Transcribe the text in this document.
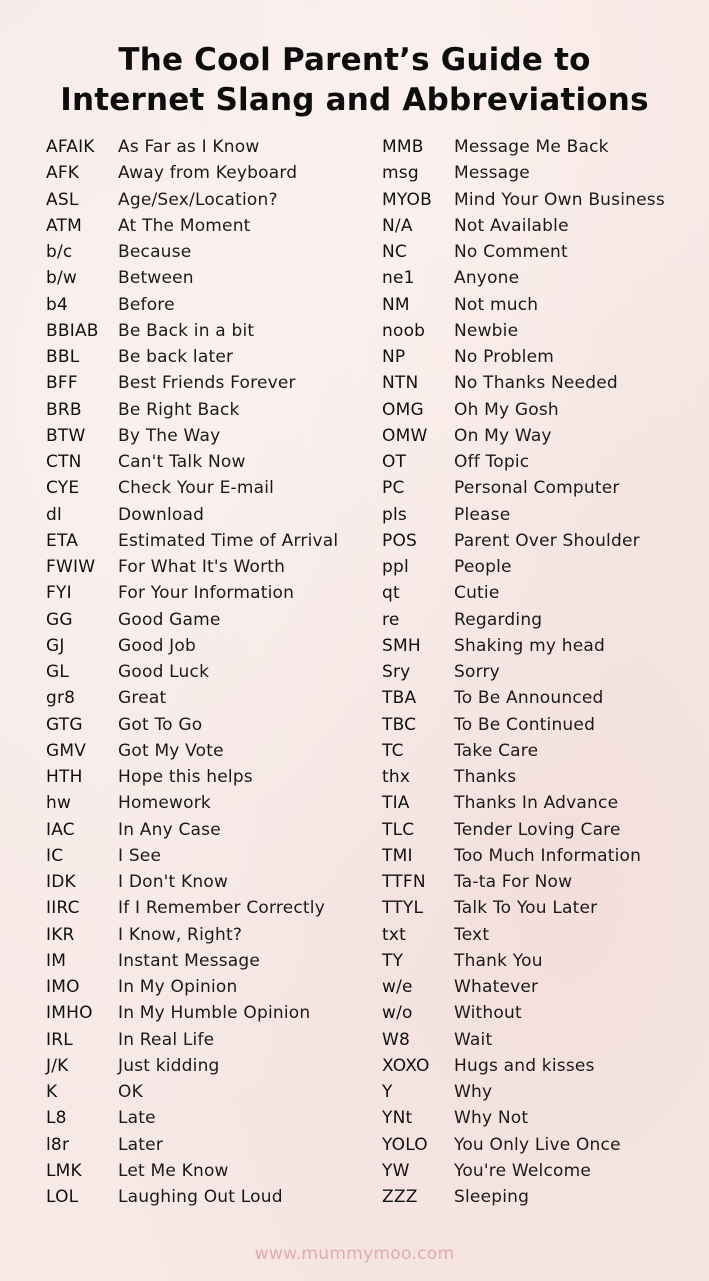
The Cool Parent’s Guide to
Internet Slang and Abbreviations
AFAIK	As Far as I Know
AFK	Away from Keyboard
ASL	Age/Sex/Location?
ATM	At The Moment
b/c	Because
b/w	Between
b4	Before
BBIAB	Be Back in a bit
BBL	Be back later
BFF	Best Friends Forever
BRB	Be Right Back
BTW	By The Way
CTN	Can't Talk Now
CYE	Check Your E-mail
dl	Download
ETA	Estimated Time of Arrival
FWIW	For What It's Worth
FYI	For Your Information
GG	Good Game
GJ	Good Job
GL	Good Luck
gr8	Great
GTG	Got To Go
GMV	Got My Vote
HTH	Hope this helps
hw	Homework
IAC	In Any Case
IC	I See
IDK	I Don't Know
IIRC	If I Remember Correctly
IKR	I Know, Right?
IM	Instant Message
IMO	In My Opinion
IMHO	In My Humble Opinion
IRL	In Real Life
J/K	Just kidding
K	OK
L8	Late
l8r	Later
LMK	Let Me Know
LOL	Laughing Out Loud
MMB	Message Me Back
msg	Message
MYOB	Mind Your Own Business
N/A	Not Available
NC	No Comment
ne1	Anyone
NM	Not much
noob	Newbie
NP	No Problem
NTN	No Thanks Needed
OMG	Oh My Gosh
OMW	On My Way
OT	Off Topic
PC	Personal Computer
pls	Please
POS	Parent Over Shoulder
ppl	People
qt	Cutie
re	Regarding
SMH	Shaking my head
Sry	Sorry
TBA	To Be Announced
TBC	To Be Continued
TC	Take Care
thx	Thanks
TIA	Thanks In Advance
TLC	Tender Loving Care
TMI	Too Much Information
TTFN	Ta-ta For Now
TTYL	Talk To You Later
txt	Text
TY	Thank You
w/e	Whatever
w/o	Without
W8	Wait
XOXO	Hugs and kisses
Y	Why
YNt	Why Not
YOLO	You Only Live Once
YW	You're Welcome
ZZZ	Sleeping
www.mummymoo.com
